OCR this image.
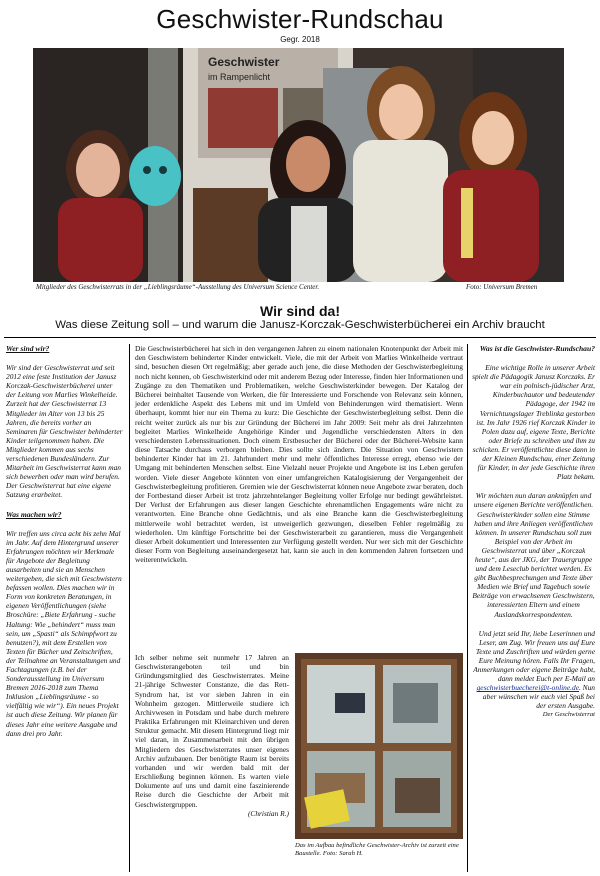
Geschwister-Rundschau
Gegr. 2018
Geschwister
im Rampenlicht
Mitglieder des Geschwisterrats in der „Lieblingsräume“-Ausstellung des Universum Science Center.	Foto: Universum Bremen
Wir sind da!
Was diese Zeitung soll – und warum die Janusz-Korczak-Geschwisterbücherei ein Archiv braucht
Wer sind wir?

Wir sind der Geschwisterrat und seit 2012 eine feste Institution der Janusz Korczak-Geschwisterbücherei unter der Leitung von Marlies Winkelheide. Zurzeit hat der Geschwisterrat 13 Mitglieder im Alter von 13 bis 25 Jahren, die bereits vorher an Seminaren für Geschwister behinderter Kinder teilgenommen haben. Die Mitglieder kommen aus sechs verschiedenen Bundesländern. Zur Mitarbeit im Geschwisterrat kann man sich bewerben oder man wird berufen. Der Geschwisterrat hat eine eigene Satzung erarbeitet.

Was machen wir?

Wir treffen uns circa acht bis zehn Mal im Jahr. Auf dem Hintergrund unserer Erfahrungen möchten wir Merkmale für Angebote der Begleitung ausarbeiten und sie an Menschen weitergeben, die sich mit Geschwistern befassen wollen. Dies machen wir in Form von konkreten Beratungen, in eigenen Veröffentlichungen (siehe Broschüre: „Biete Erfahrung - suche Haltung: Wie „behindert“ muss man sein, um „Spasti“ als Schimpfwort zu benutzen?), mit dem Erstellen von Texten für Bücher und Zeitschriften, der Teilnahme an Veranstaltungen und Fachtagungen (z.B. bei der Sonderausstellung im Universum Bremen 2016-2018 zum Thema Inklusion „Lieblingsräume - so vielfältig wie wir“). Ein neues Projekt ist auch diese Zeitung. Wir planen für dieses Jahr eine weitere Ausgabe und dann drei pro Jahr.

Die Geschwisterbücherei hat sich in den vergangenen Jahren zu einem nationalen Knotenpunkt der Arbeit mit den Geschwistern behinderter Kinder entwickelt. Viele, die mit der Arbeit von Marlies Winkelheide vertraut sind, besuchen diesen Ort regelmäßig; aber gerade auch jene, die diese Methoden der Geschwisterbegleitung noch nicht kennen, ob Geschwisterkind oder mit anderem Bezug oder Interesse, finden hier Informationen und Zugänge zu den Thematiken und Problematiken, welche Geschwisterkinder bewegen. Der Katalog der Bücherei beinhaltet Tausende von Werken, die für Interessierte und Forschende von Relevanz sein können, jeder erdenkliche Aspekt des Lebens mit und im Umfeld von Behinderungen wird thematisiert. Wenn überhaupt, kommt hier nur ein Thema zu kurz: Die Geschichte der Geschwisterbegleitung selbst. Denn die reicht weiter zurück als nur bis zur Gründung der Bücherei im Jahr 2009: Seit mehr als drei Jahrzehnten begleitet Marlies Winkelheide Angehörige Kinder und Jugendliche verschiedensten Alters in den verschiedensten Lebenssituationen. Doch einem Erstbesucher der Bücherei oder der Bücherei-Website kann diese Tatsache durchaus verborgen bleiben. Dies sollte sich ändern. Die Situation von Geschwistern behinderter Kinder hat im 21. Jahrhundert mehr und mehr öffentliches Interesse erregt, ebenso wie der Umgang mit behinderten Menschen selbst. Eine Vielzahl neuer Projekte und Angebote ist ins Leben gerufen worden. Viele dieser Angebote könnten von einer umfangreichen Katalogisierung der Vergangenheit der Geschwisterbegleitung profitieren. Gremien wie der Geschwisterrat können neue Angebote zwar beraten, doch der Fortbestand dieser Arbeit ist trotz jahrzehntelanger Begleitung voller Erfolge nur bedingt gewährleistet. Der Verlust der Erfahrungen aus dieser langen Geschichte ehrenamtlichen Engagements wäre nicht zu verantworten. Eine Branche ohne Gedächtnis, und als eine Branche kann die Geschwisterbegleitung mittlerweile wohl betrachtet werden, ist unweigerlich gezwungen, dieselben Fehler regelmäßig zu wiederholen. Um künftige Fortschritte bei der Geschwisterarbeit zu garantieren, muss die Vergangenheit dieser Arbeit dokumentiert und Interessenten zur Verfügung gestellt werden. Nur wer sich mit der Geschichte dieser Form von Begleitung auseinandergesetzt hat, kann sie auch in den kommenden Jahren fortsetzen und weiterentwickeln.

Ich selber nehme seit nunmehr 17 Jahren an Geschwisterangeboten teil und bin Gründungsmitglied des Geschwisterrates. Meine 21-jährige Schwester Constanze, die das Rett-Syndrom hat, ist vor sieben Jahren in ein Wohnheim gezogen. Mittlerweile studiere ich Archivwesen in Potsdam und habe durch mehrere Praktika Erfahrungen mit Kleinarchiven und deren Struktur gemacht. Mit diesem Hintergrund liegt mir viel daran, in Zusammenarbeit mit den übrigen Mitgliedern des Geschwisterrates unser eigenes Archiv aufzubauen. Der benötigte Raum ist bereits vorhanden und wir werden bald mit der Erschließung beginnen können. Es warten viele Dokumente auf uns und damit eine faszinierende Reise durch die Geschichte der Arbeit mit Geschwistergruppen.

(Christian R.)

Das im Aufbau befindliche Geschwister-Archiv ist zurzeit eine Baustelle. Foto: Sarah H.
Was ist die Geschwister-Rundschau?

Eine wichtige Rolle in unserer Arbeit spielt die Pädagogik Janusz Korczaks. Er war ein polnisch-jüdischer Arzt, Kinderbuchautor und bedeutender Pädagoge, der 1942 im Vernichtungslager Treblinka gestorben ist. Im Jahr 1926 rief Korczak Kinder in Polen dazu auf, eigene Texte, Berichte oder Briefe zu schreiben und ihm zu schicken. Er veröffentlichte diese dann in der Kleinen Rundschau, einer Zeitung für Kinder, in der jede Geschichte ihren Platz bekam.

Wir möchten nun daran anknüpfen und unsere eigenen Berichte veröffentlichen. Geschwisterkinder sollen eine Stimme haben und ihre Anliegen veröffentlichen können. In unserer Rundschau soll zum Beispiel von der Arbeit im Geschwisterrat und über „Korczak heute“, aus der JKG, der Trauergruppe und dem Leseclub berichtet werden. Es gibt Buchbesprechungen und Texte über Medien wie Brief und Tagebuch sowie Beiträge von erwachsenen Geschwistern, interessierten Eltern und einem Auslandskorrespondenten.

Und jetzt seid Ihr, liebe Leserinnen und Leser, am Zug. Wir freuen uns auf Eure Texte und Zuschriften und würden gerne Eure Meinung hören. Falls Ihr Fragen, Anmerkungen oder eigene Beiträge habt, dann meldet Euch per E-Mail an geschwisterbuecherei@t-online.de. Nun aber wünschen wir euch viel Spaß bei der ersten Ausgabe.

Der Geschwisterrat
